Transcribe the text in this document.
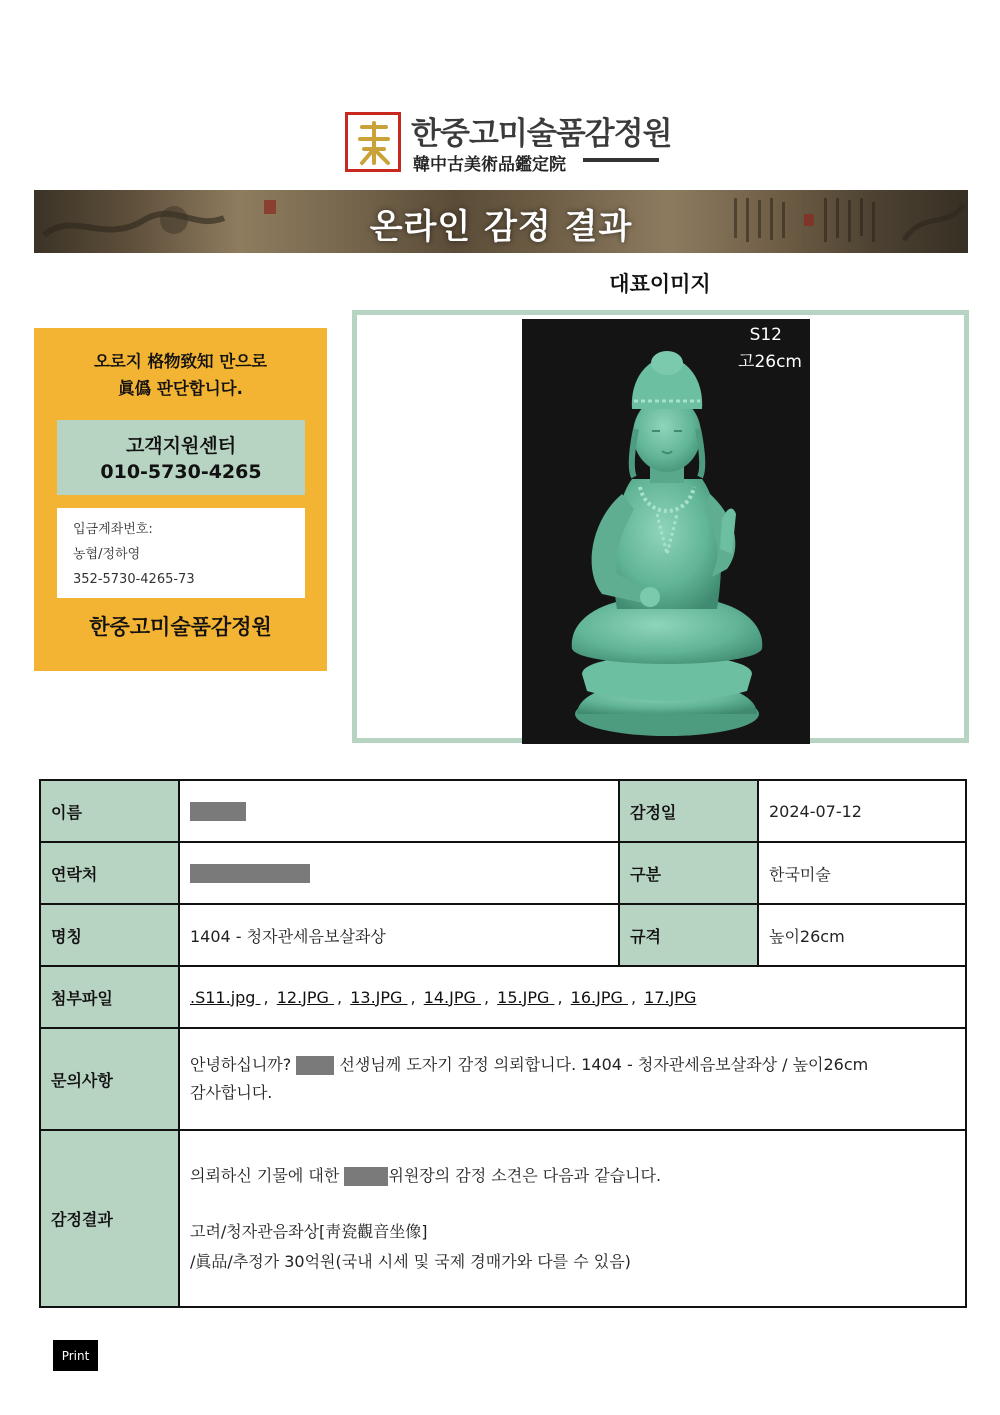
한중고미술품감정원
韓中古美術品鑑定院
온라인 감정 결과
대표이미지
S12
고26cm
오로지 格物致知 만으로
眞僞 판단합니다.
고객지원센터
010-5730-4265
입금계좌번호:
농협/정하영
352-5730-4265-73
한중고미술품감정원
이름		감정일	2024-07-12
연락처		구분	한국미술
명칭	1404 - 청자관세음보살좌상	규격	높이26cm
첨부파일	.S11.jpg , 12.JPG , 13.JPG , 14.JPG , 15.JPG , 16.JPG , 17.JPG		
문의사항	안녕하십니까? 선생님께 도자기 감정 의뢰합니다. 1404 - 청자관세음보살좌상 / 높이26cm
감사합니다.		

감정결과	의뢰하신 기물에 대한 위원장의 감정 소견은 다음과 같습니다.
고려/청자관음좌상[靑瓷觀音坐像]
/眞品/추정가 30억원(국내 시세 및 국제 경매가와 다를 수 있음)		
Print
